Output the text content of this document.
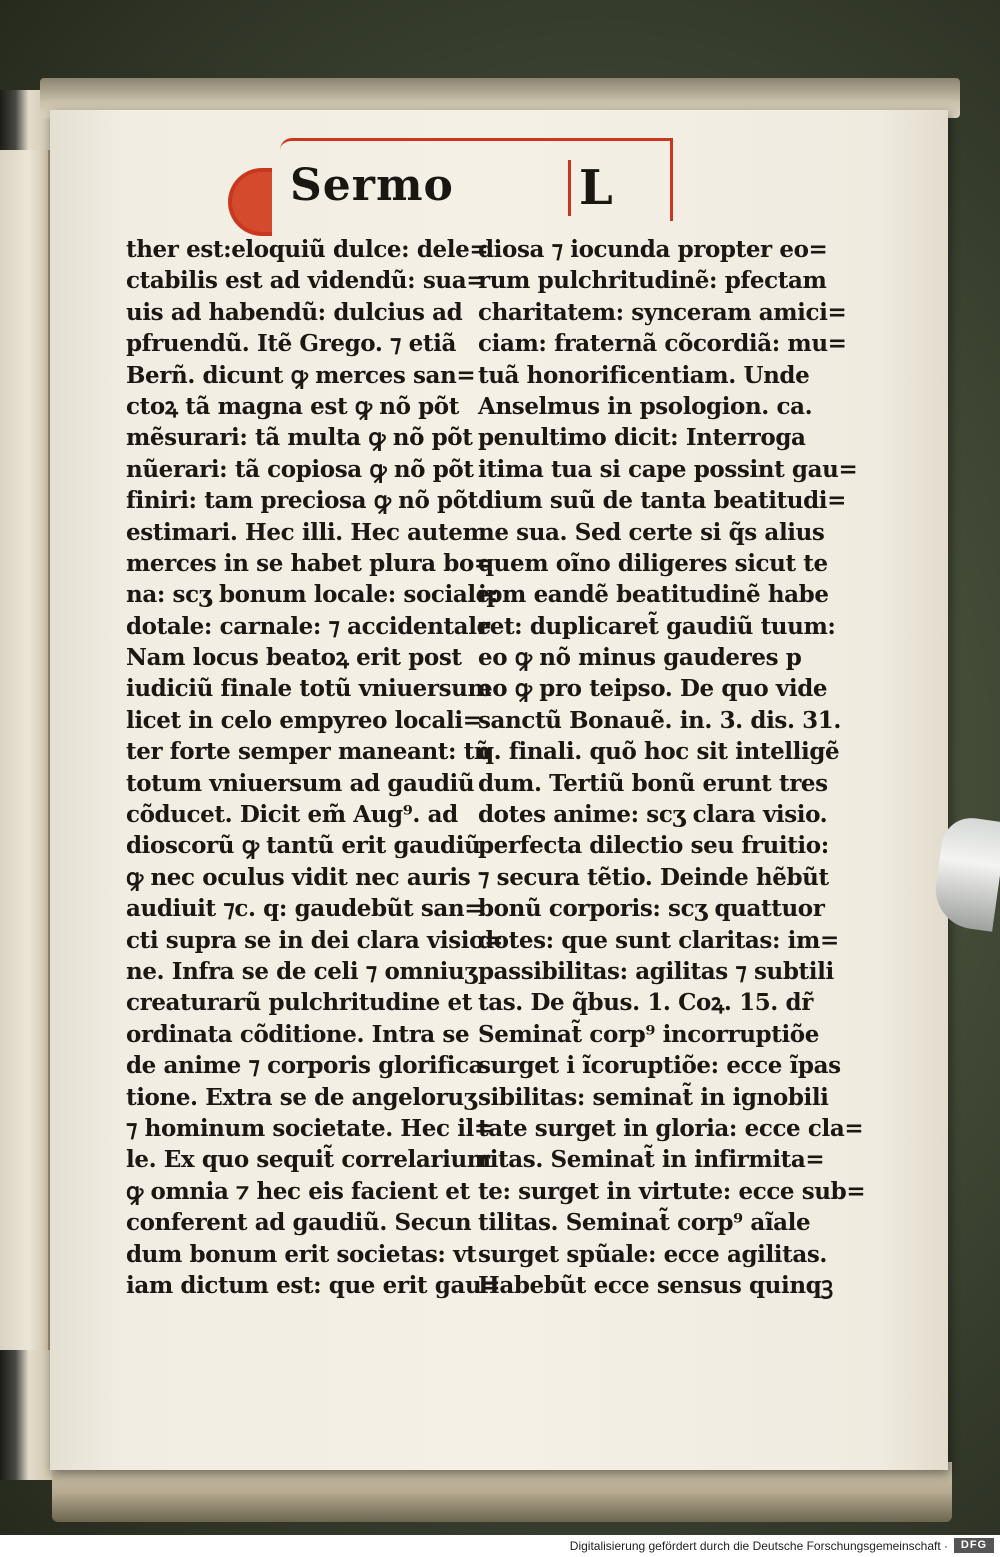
Sermo	L
ther est:eloquiũ dulce: dele=
ctabilis est ad videndũ: sua=
uis ad habendũ: dulcius ad
pfruendũ. Itẽ Grego. ⁊ etiã
Berñ. dicunt ꝙ merces san=
ctoꝝ tã magna est ꝙ nõ põt
mẽsurari: tã multa ꝙ nõ põt
nũerari: tã copiosa ꝙ nõ põt
finiri: tam preciosa ꝙ nõ põt
estimari. Hec illi. Hec autem
merces in se habet plura bo=
na: scʒ bonum locale: sociale:
dotale: carnale: ⁊ accidentale
Nam locus beatoꝝ erit post
iudiciũ finale totũ vniuersum
licet in celo empyreo locali=
ter forte semper maneant: tñ
totum vniuersum ad gaudiũ
cõducet. Dicit em̃ Aug⁹. ad
dioscorũ ꝙ tantũ erit gaudiũ
ꝙ nec oculus vidit nec auris
audiuit ⁊c. q: gaudebũt san=
cti supra se in dei clara visio=
ne. Infra se de celi ⁊ omniuʒ
creaturarũ pulchritudine et
ordinata cõditione. Intra se
de anime ⁊ corporis glorifica
tione. Extra se de angeloruʒ
⁊ hominum societate. Hec il=
le. Ex quo sequit̃ correlarium
ꝙ omnia ⁊ hec eis facient et
conferent ad gaudiũ. Secun
dum bonum erit societas: vt
iam dictum est: que erit gau=
diosa ⁊ iocunda propter eo=
rum pulchritudinẽ: pfectam
charitatem: synceram amici=
ciam: fraternã cõcordiã: mu=
tuã honorificentiam. Unde
Anselmus in psologion. ca.
penultimo dicit: Interroga
itima tua si cape possint gau=
dium suũ de tanta beatitudi=
ne sua. Sed certe si q̃s alius
quem oĩno diligeres sicut te
ipm eandẽ beatitudinẽ habe
ret: duplicaret̃ gaudiũ tuum:
eo ꝙ nõ minus gauderes p
eo ꝙ pro teipso. De quo vide
sanctũ Bonauẽ. in. 3. dis. 31.
q. finali. quõ hoc sit intelligẽ
dum. Tertiũ bonũ erunt tres
dotes anime: scʒ clara visio.
perfecta dilectio seu fruitio:
⁊ secura tẽtio. Deinde hẽbũt
bonũ corporis: scʒ quattuor
dotes: que sunt claritas: im=
passibilitas: agilitas ⁊ subtili
tas. De q̃bus. 1. Coꝝ. 15. dr̃
Seminat̃ corp⁹ incorruptiõe
surget i ĩcoruptiõe: ecce ĩpas
sibilitas: seminat̃ in ignobili
tate surget in gloria: ecce cla=
ritas. Seminat̃ in infirmita=
te: surget in virtute: ecce sub=
tilitas. Seminat̃ corp⁹ aĩale
surget spũale: ecce agilitas.
Habebũt ecce sensus quinqꝫ
Digitalisierung gefördert durch die Deutsche Forschungsgemeinschaft ·	DFG
